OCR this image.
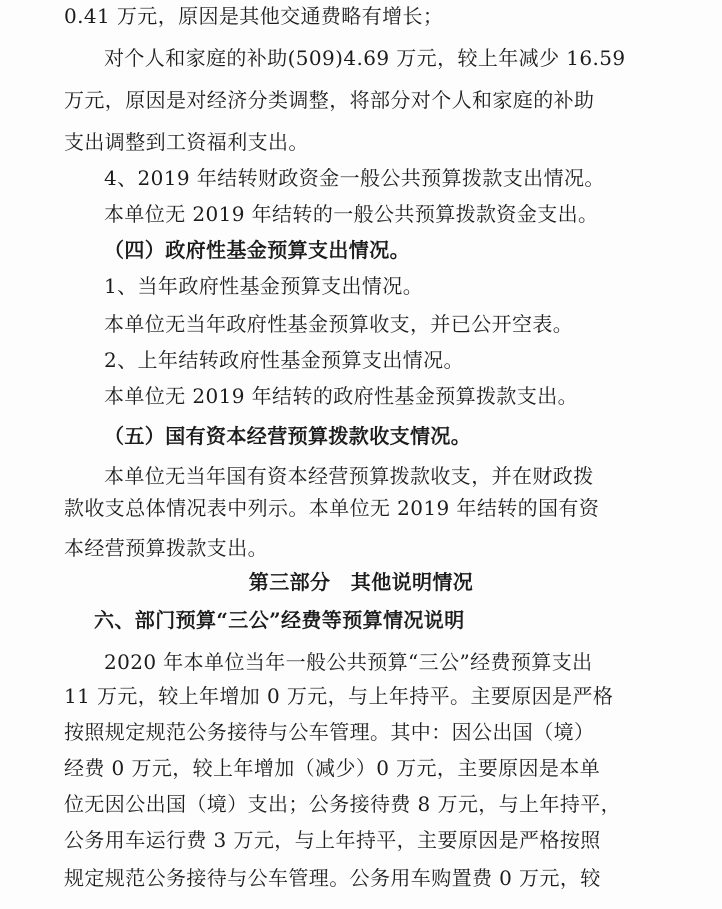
0.41 万元，原因是其他交通费略有增长；
对个人和家庭的补助(509)4.69 万元，较上年减少 16.59
万元，原因是对经济分类调整，将部分对个人和家庭的补助
支出调整到工资福利支出。
4、2019 年结转财政资金一般公共预算拨款支出情况。
本单位无 2019 年结转的一般公共预算拨款资金支出。
（四）政府性基金预算支出情况。
1、当年政府性基金预算支出情况。
本单位无当年政府性基金预算收支，并已公开空表。
2、上年结转政府性基金预算支出情况。
本单位无 2019 年结转的政府性基金预算拨款支出。
（五）国有资本经营预算拨款收支情况。
本单位无当年国有资本经营预算拨款收支，并在财政拨
款收支总体情况表中列示。本单位无 2019 年结转的国有资
本经营预算拨款支出。
第三部分　其他说明情况
六、部门预算“三公”经费等预算情况说明
2020 年本单位当年一般公共预算“三公”经费预算支出
11 万元，较上年增加 0 万元，与上年持平。主要原因是严格
按照规定规范公务接待与公车管理。其中：因公出国（境）
经费 0 万元，较上年增加（减少）0 万元，主要原因是本单
位无因公出国（境）支出；公务接待费 8 万元，与上年持平，
公务用车运行费 3 万元，与上年持平，主要原因是严格按照
规定规范公务接待与公车管理。公务用车购置费 0 万元，较
